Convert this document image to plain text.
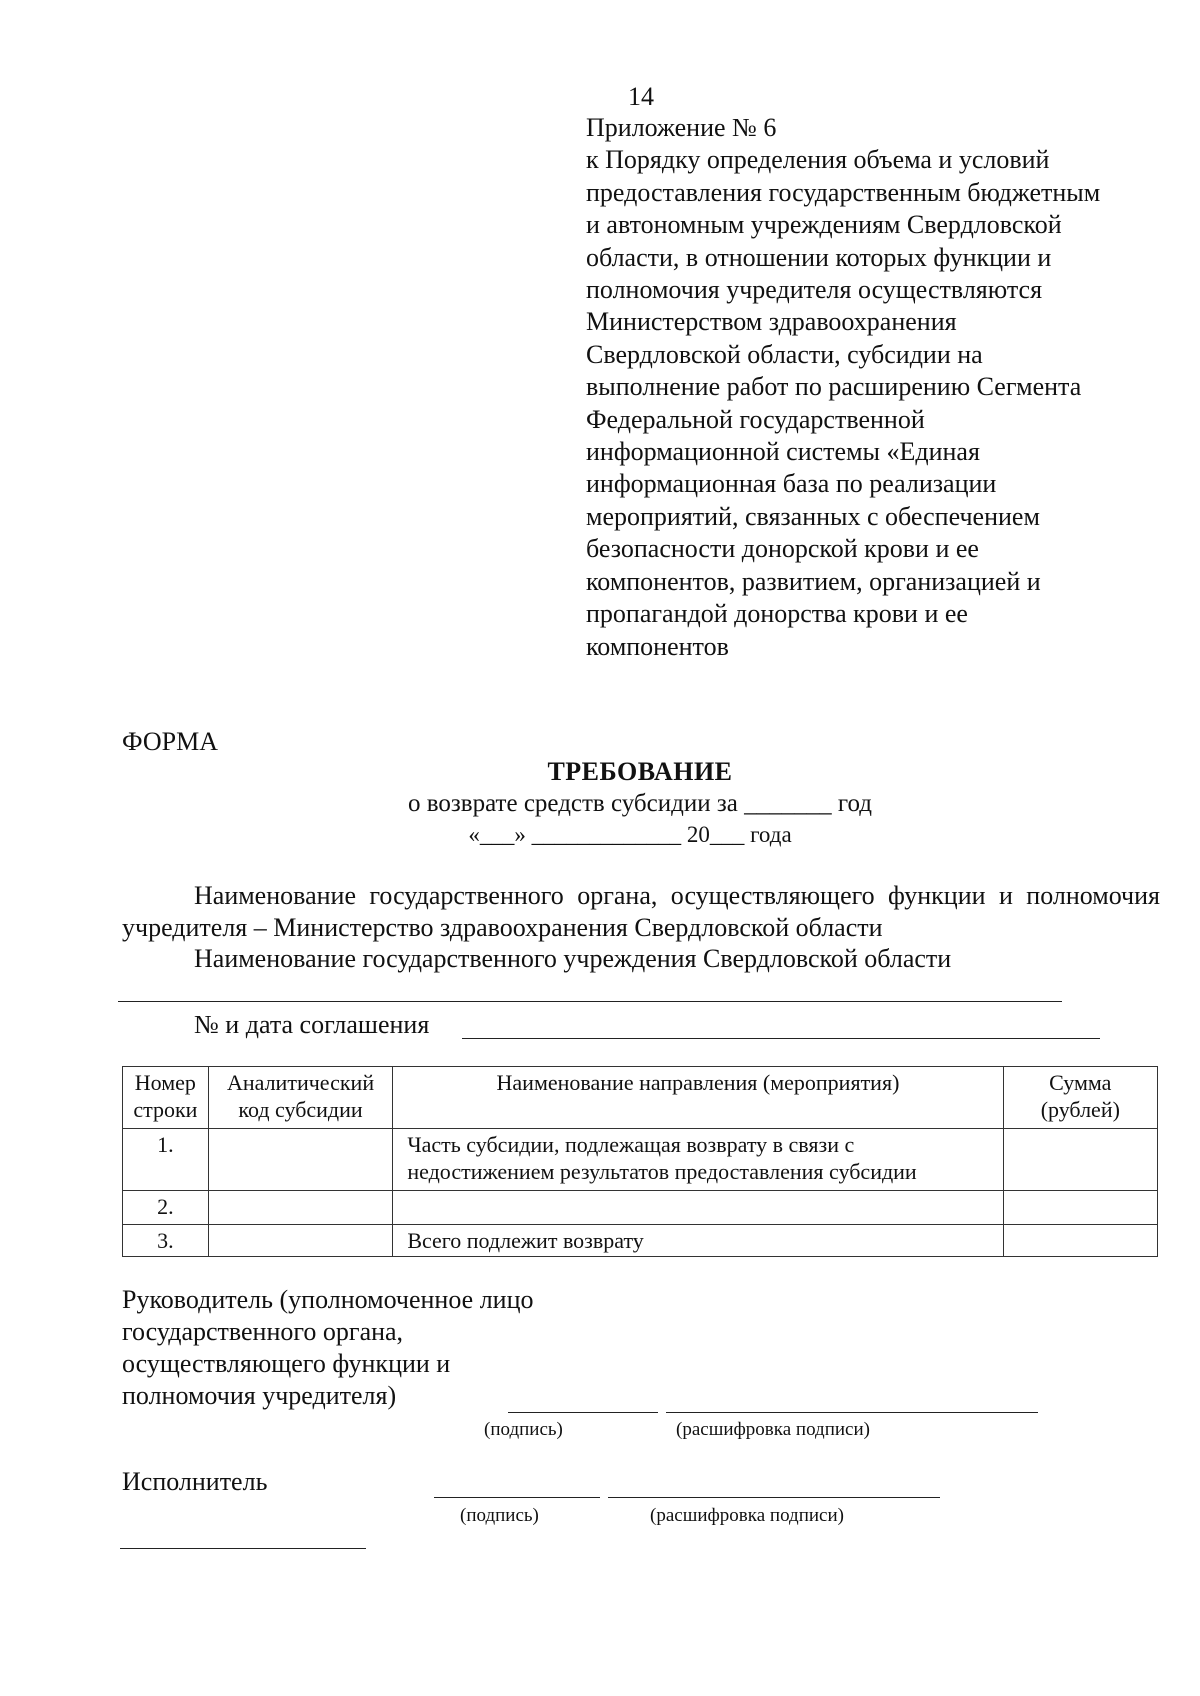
14
Приложение № 6
к Порядку определения объема и условий
предоставления государственным бюджетным
и автономным учреждениям Свердловской
области, в отношении которых функции и
полномочия учредителя осуществляются
Министерством здравоохранения
Свердловской области, субсидии на
выполнение работ по расширению Сегмента
Федеральной государственной
информационной системы «Единая
информационная база по реализации
мероприятий, связанных с обеспечением
безопасности донорской крови и ее
компонентов, развитием, организацией и
пропагандой донорства крови и ее
компонентов
ФОРМА
ТРЕБОВАНИЕ
о возврате средств субсидии за _______ год
«___» _____________ 20___ года
Наименование государственного органа, осуществляющего функции и полномочия учредителя – Министерство здравоохранения Свердловской области
Наименование государственного учреждения Свердловской области
№ и дата соглашения
Номер строки	Аналитический код субсидии	Наименование направления (мероприятия)	Сумма (рублей)
1.		Часть субсидии, подлежащая возврату в связи с недостижением результатов предоставления субсидии	
2.			
3.		Всего подлежит возврату	
Руководитель (уполномоченное лицо
государственного органа,
осуществляющего функции и
полномочия учредителя)
(подпись)	(расшифровка подписи)
Исполнитель
(подпись)	(расшифровка подписи)
